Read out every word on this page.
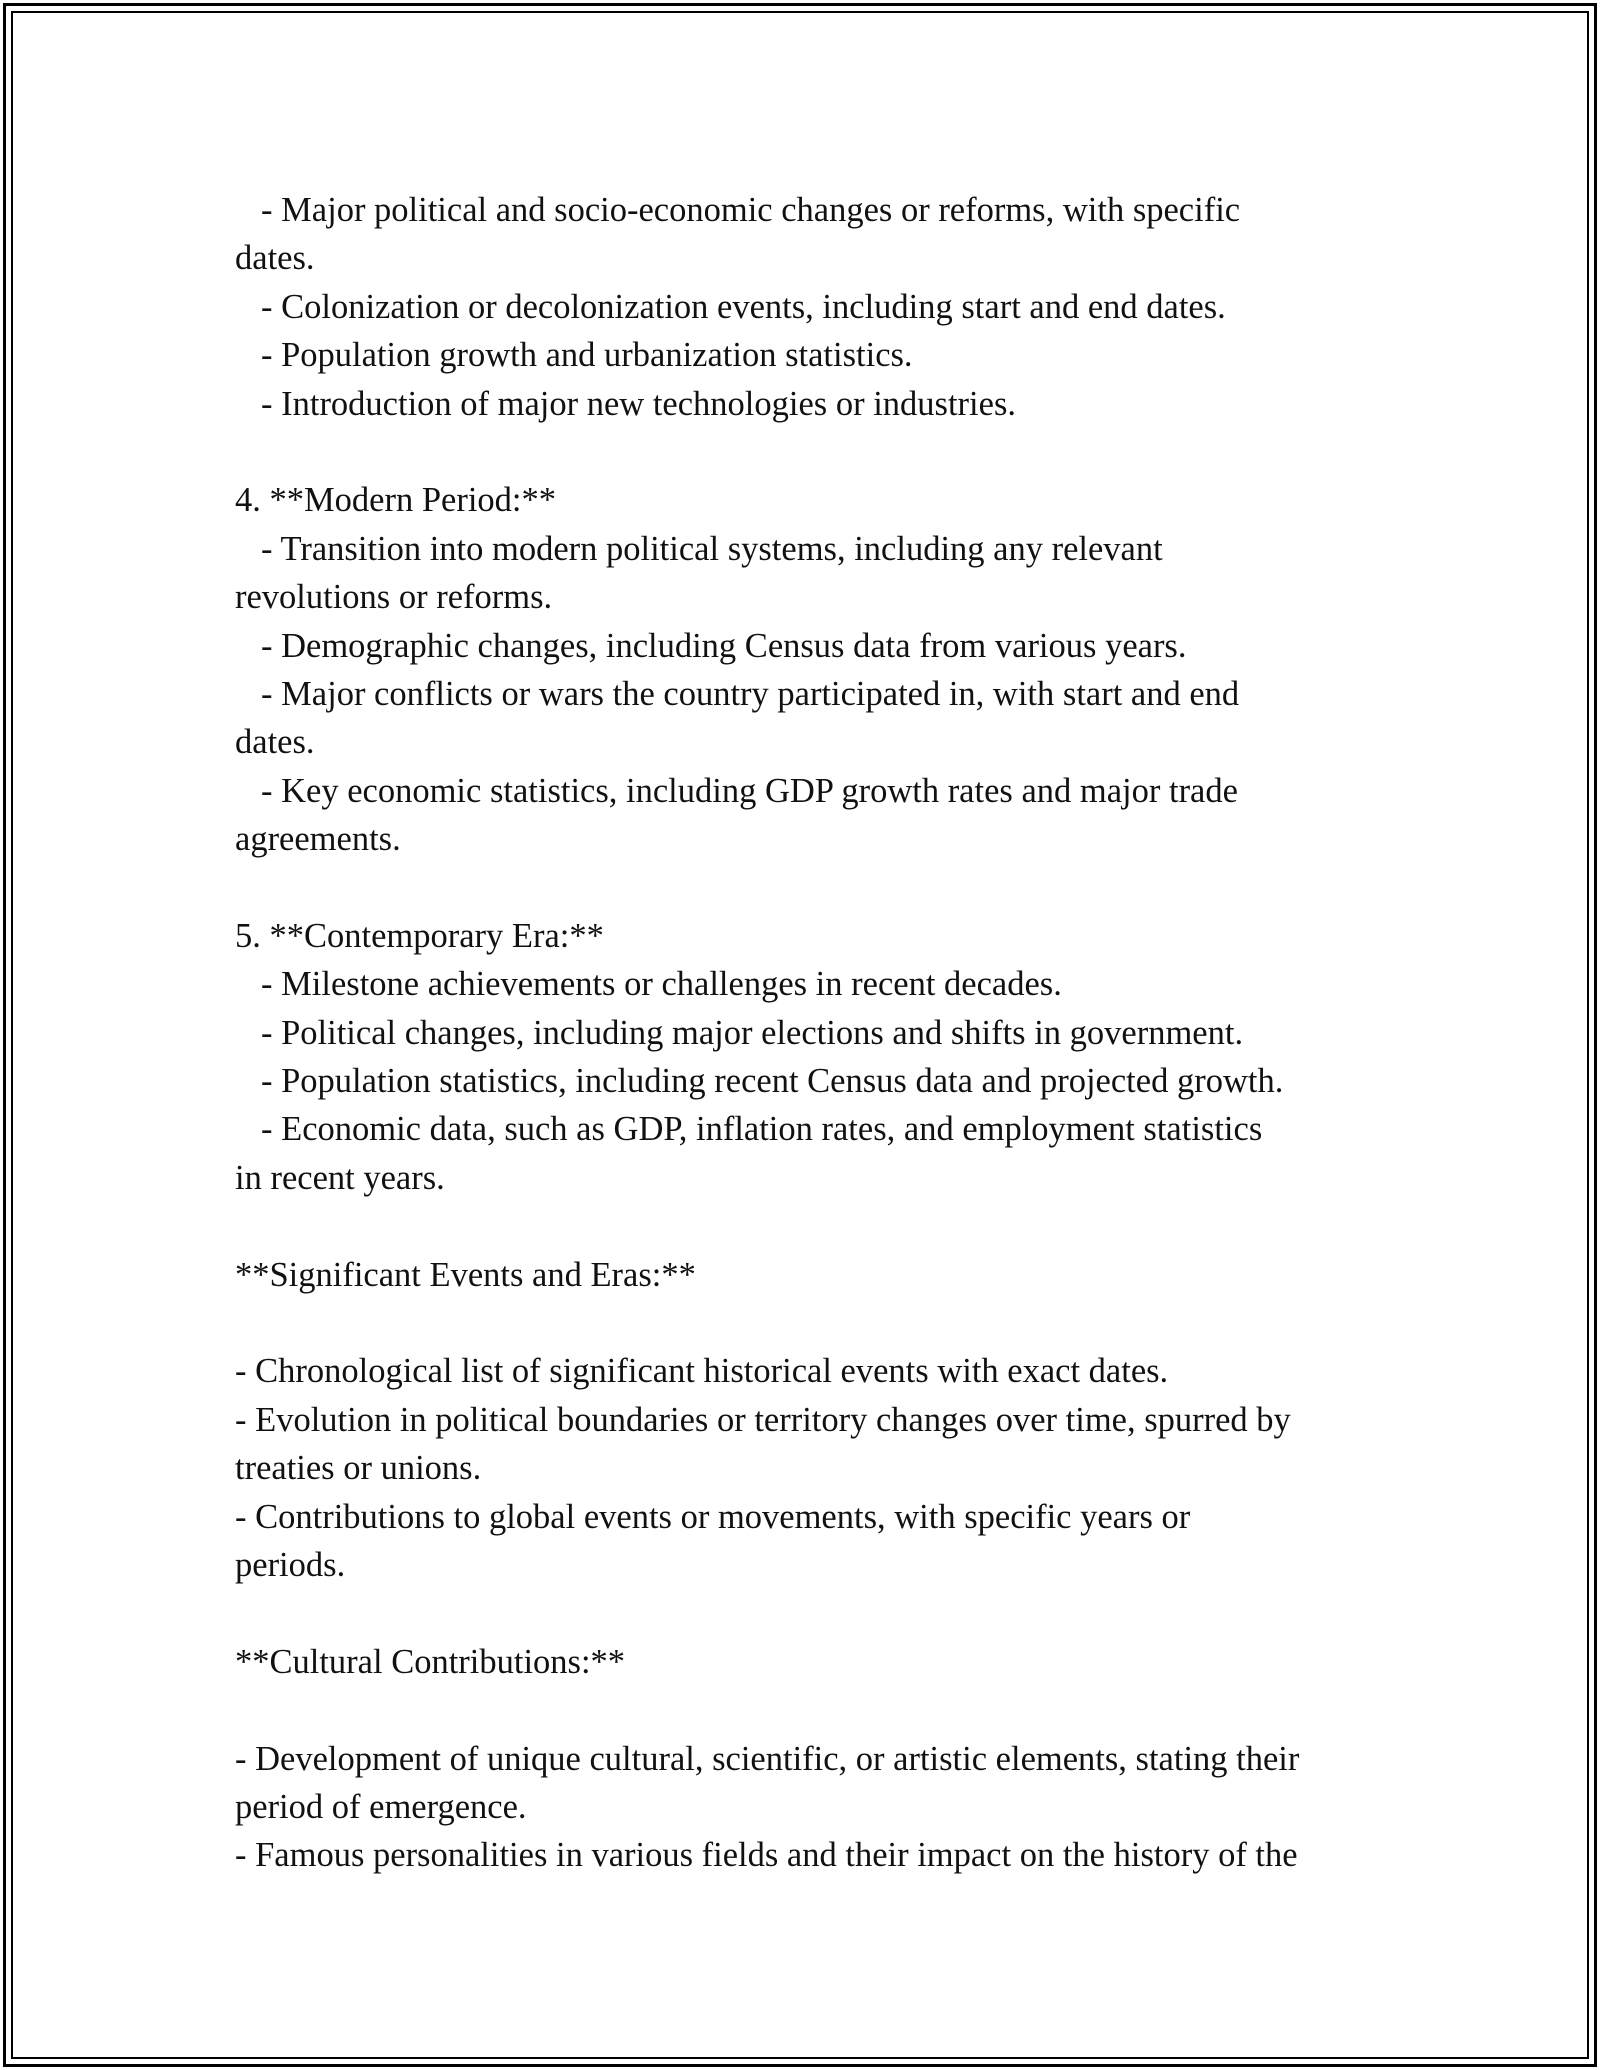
- Major political and socio-economic changes or reforms, with specific
dates.
- Colonization or decolonization events, including start and end dates.
- Population growth and urbanization statistics.
- Introduction of major new technologies or industries.
4. **Modern Period:**
- Transition into modern political systems, including any relevant
revolutions or reforms.
- Demographic changes, including Census data from various years.
- Major conflicts or wars the country participated in, with start and end
dates.
- Key economic statistics, including GDP growth rates and major trade
agreements.
5. **Contemporary Era:**
- Milestone achievements or challenges in recent decades.
- Political changes, including major elections and shifts in government.
- Population statistics, including recent Census data and projected growth.
- Economic data, such as GDP, inflation rates, and employment statistics
in recent years.
**Significant Events and Eras:**
- Chronological list of significant historical events with exact dates.
- Evolution in political boundaries or territory changes over time, spurred by
treaties or unions.
- Contributions to global events or movements, with specific years or
periods.
**Cultural Contributions:**
- Development of unique cultural, scientific, or artistic elements, stating their
period of emergence.
- Famous personalities in various fields and their impact on the history of the
